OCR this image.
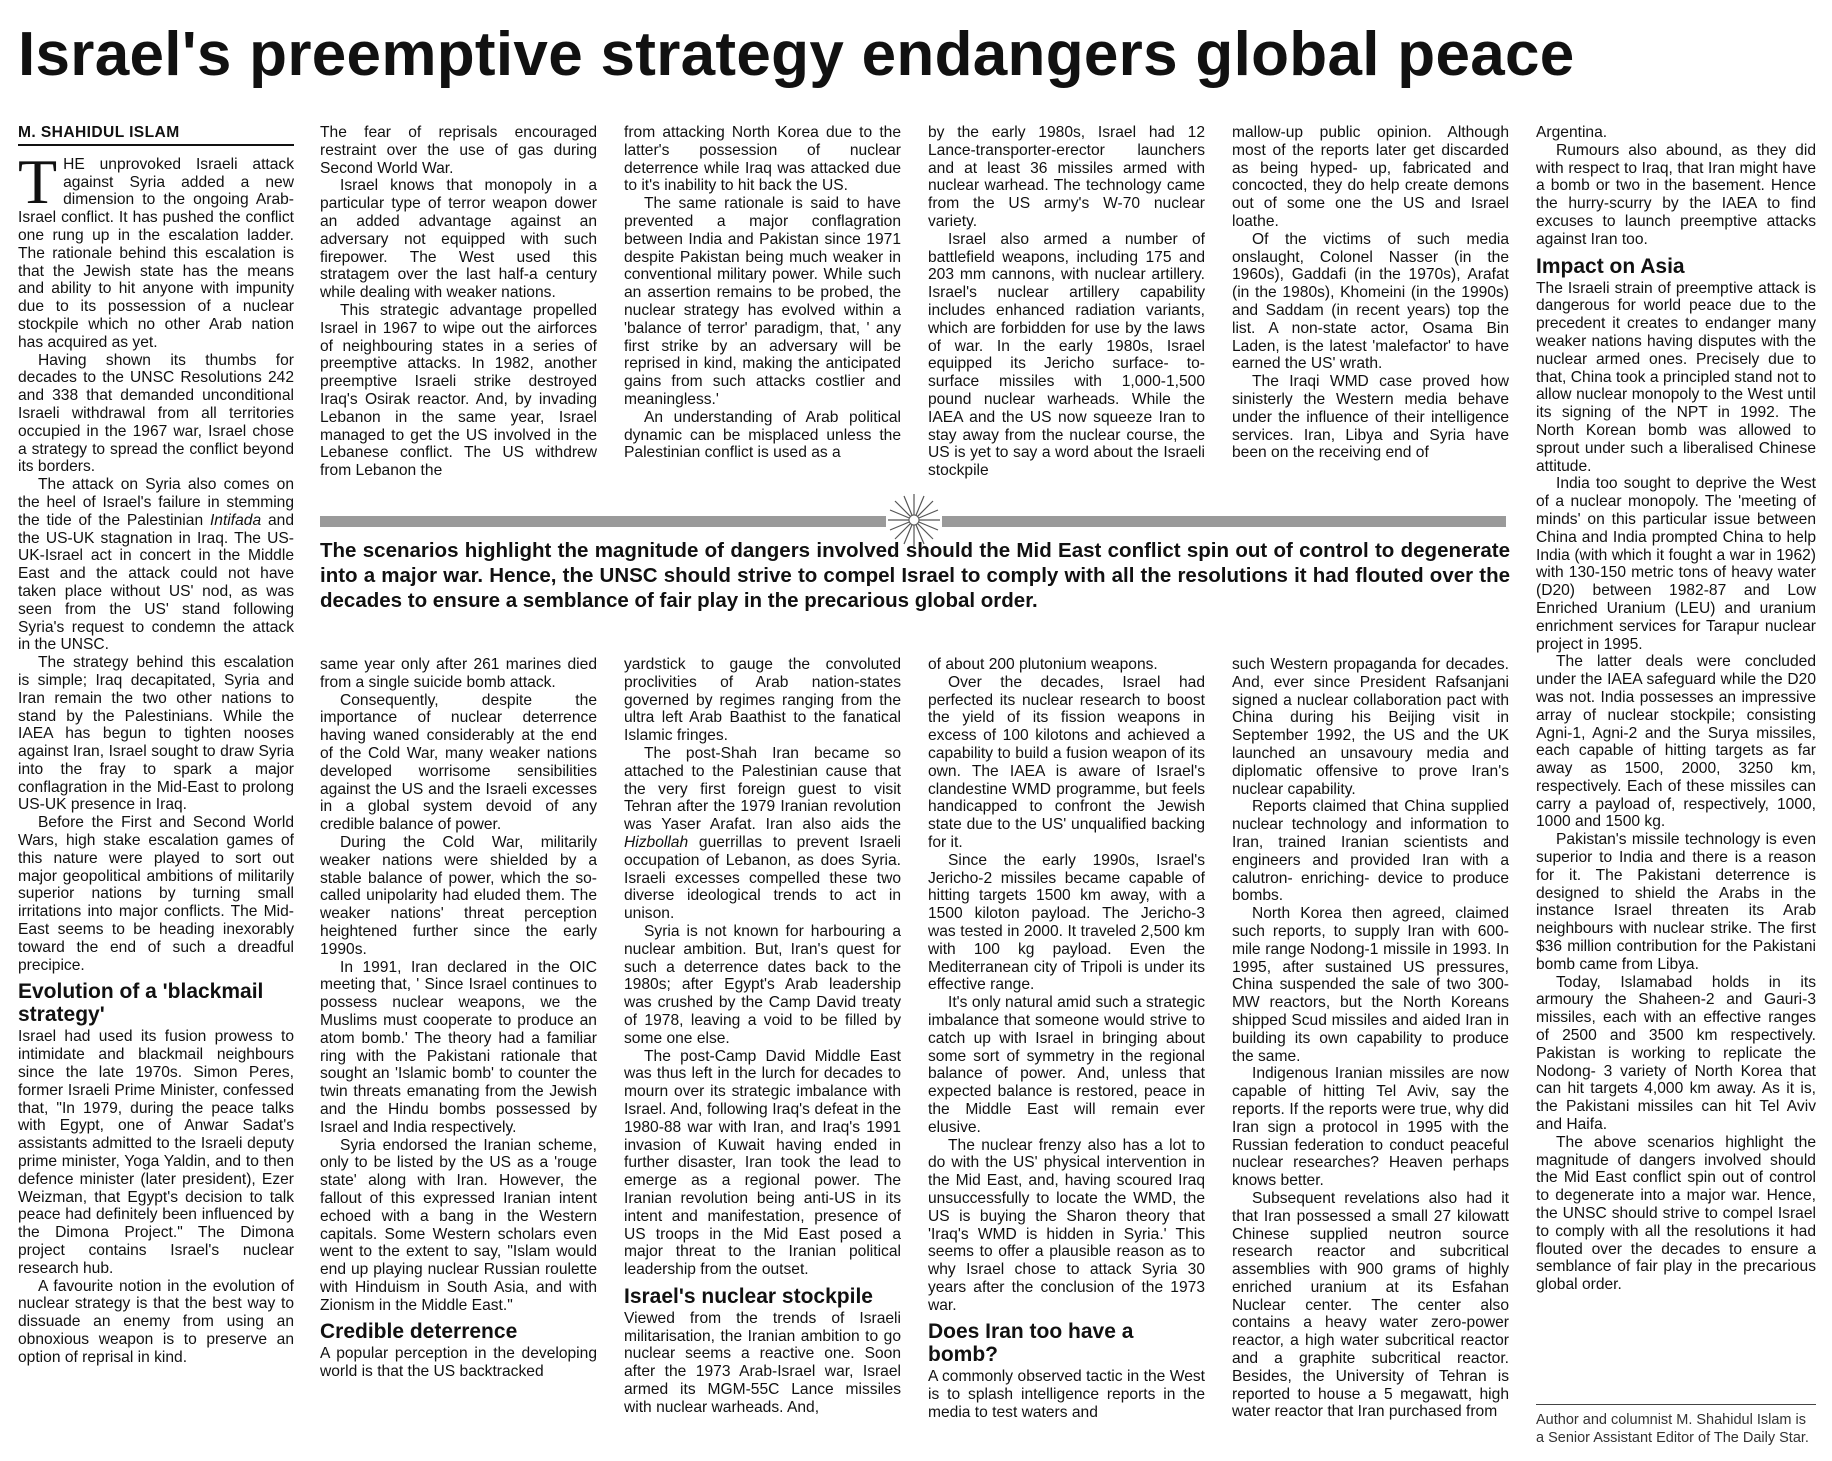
Israel's preemptive strategy endangers global peace
M. SHAHIDUL ISLAM

THE unprovoked Israeli attack against Syria added a new dimension to the ongoing Arab-Israel conflict. It has pushed the conflict one rung up in the escalation ladder. The rationale behind this escalation is that the Jewish state has the means and ability to hit anyone with impunity due to its possession of a nuclear stockpile which no other Arab nation has acquired as yet.

Having shown its thumbs for decades to the UNSC Resolutions 242 and 338 that demanded unconditional Israeli withdrawal from all territories occupied in the 1967 war, Israel chose a strategy to spread the conflict beyond its borders.

The attack on Syria also comes on the heel of Israel's failure in stemming the tide of the Palestinian Intifada and the US-UK stagnation in Iraq. The US-UK-Israel act in concert in the Middle East and the attack could not have taken place without US' nod, as was seen from the US' stand following Syria's request to condemn the attack in the UNSC.

The strategy behind this escalation is simple; Iraq decapitated, Syria and Iran remain the two other nations to stand by the Palestinians. While the IAEA has begun to tighten nooses against Iran, Israel sought to draw Syria into the fray to spark a major conflagration in the Mid-East to prolong US-UK presence in Iraq.

Before the First and Second World Wars, high stake escalation games of this nature were played to sort out major geopolitical ambitions of militarily superior nations by turning small irritations into major conflicts. The Mid-East seems to be heading inexorably toward the end of such a dreadful precipice.

Evolution of a 'blackmail strategy'

Israel had used its fusion prowess to intimidate and blackmail neighbours since the late 1970s. Simon Peres, former Israeli Prime Minister, confessed that, "In 1979, during the peace talks with Egypt, one of Anwar Sadat's assistants admitted to the Israeli deputy prime minister, Yoga Yaldin, and to then defence minister (later president), Ezer Weizman, that Egypt's decision to talk peace had definitely been influenced by the Dimona Project." The Dimona project contains Israel's nuclear research hub.

A favourite notion in the evolution of nuclear strategy is that the best way to dissuade an enemy from using an obnoxious weapon is to preserve an option of reprisal in kind.

The fear of reprisals encouraged restraint over the use of gas during Second World War.

Israel knows that monopoly in a particular type of terror weapon dower an added advantage against an adversary not equipped with such firepower. The West used this stratagem over the last half-a century while dealing with weaker nations.

This strategic advantage propelled Israel in 1967 to wipe out the airforces of neighbouring states in a series of preemptive attacks. In 1982, another preemptive Israeli strike destroyed Iraq's Osirak reactor. And, by invading Lebanon in the same year, Israel managed to get the US involved in the Lebanese conflict. The US withdrew from Lebanon the

from attacking North Korea due to the latter's possession of nuclear deterrence while Iraq was attacked due to it's inability to hit back the US.

The same rationale is said to have prevented a major conflagration between India and Pakistan since 1971 despite Pakistan being much weaker in conventional military power. While such an assertion remains to be probed, the nuclear strategy has evolved within a 'balance of terror' paradigm, that, ' any first strike by an adversary will be reprised in kind, making the anticipated gains from such attacks costlier and meaningless.'

An understanding of Arab political dynamic can be misplaced unless the Palestinian conflict is used as a

by the early 1980s, Israel had 12 Lance-transporter-erector launchers and at least 36 missiles armed with nuclear warhead. The technology came from the US army's W-70 nuclear variety.

Israel also armed a number of battlefield weapons, including 175 and 203 mm cannons, with nuclear artillery. Israel's nuclear artillery capability includes enhanced radiation variants, which are forbidden for use by the laws of war. In the early 1980s, Israel equipped its Jericho surface- to- surface missiles with 1,000-1,500 pound nuclear warheads. While the IAEA and the US now squeeze Iran to stay away from the nuclear course, the US is yet to say a word about the Israeli stockpile

mallow-up public opinion. Although most of the reports later get discarded as being hyped- up, fabricated and concocted, they do help create demons out of some one the US and Israel loathe.

Of the victims of such media onslaught, Colonel Nasser (in the 1960s), Gaddafi (in the 1970s), Arafat (in the 1980s), Khomeini (in the 1990s) and Saddam (in recent years) top the list. A non-state actor, Osama Bin Laden, is the latest 'malefactor' to have earned the US' wrath.

The Iraqi WMD case proved how sinisterly the Western media behave under the influence of their intelligence services. Iran, Libya and Syria have been on the receiving end of

The scenarios highlight the magnitude of dangers involved should the Mid East conflict spin out of control to degenerate into a major war. Hence, the UNSC should strive to compel Israel to comply with all the resolutions it had flouted over the decades to ensure a semblance of fair play in the precarious global order.

same year only after 261 marines died from a single suicide bomb attack.

Consequently, despite the importance of nuclear deterrence having waned considerably at the end of the Cold War, many weaker nations developed worrisome sensibilities against the US and the Israeli excesses in a global system devoid of any credible balance of power.

During the Cold War, militarily weaker nations were shielded by a stable balance of power, which the so-called unipolarity had eluded them. The weaker nations' threat perception heightened further since the early 1990s.

In 1991, Iran declared in the OIC meeting that, ' Since Israel continues to possess nuclear weapons, we the Muslims must cooperate to produce an atom bomb.' The theory had a familiar ring with the Pakistani rationale that sought an 'Islamic bomb' to counter the twin threats emanating from the Jewish and the Hindu bombs possessed by Israel and India respectively.

Syria endorsed the Iranian scheme, only to be listed by the US as a 'rouge state' along with Iran. However, the fallout of this expressed Iranian intent echoed with a bang in the Western capitals. Some Western scholars even went to the extent to say, "Islam would end up playing nuclear Russian roulette with Hinduism in South Asia, and with Zionism in the Middle East."

Credible deterrence

A popular perception in the developing world is that the US backtracked

yardstick to gauge the convoluted proclivities of Arab nation-states governed by regimes ranging from the ultra left Arab Baathist to the fanatical Islamic fringes.

The post-Shah Iran became so attached to the Palestinian cause that the very first foreign guest to visit Tehran after the 1979 Iranian revolution was Yaser Arafat. Iran also aids the Hizbollah guerrillas to prevent Israeli occupation of Lebanon, as does Syria. Israeli excesses compelled these two diverse ideological trends to act in unison.

Syria is not known for harbouring a nuclear ambition. But, Iran's quest for such a deterrence dates back to the 1980s; after Egypt's Arab leadership was crushed by the Camp David treaty of 1978, leaving a void to be filled by some one else.

The post-Camp David Middle East was thus left in the lurch for decades to mourn over its strategic imbalance with Israel. And, following Iraq's defeat in the 1980-88 war with Iran, and Iraq's 1991 invasion of Kuwait having ended in further disaster, Iran took the lead to emerge as a regional power. The Iranian revolution being anti-US in its intent and manifestation, presence of US troops in the Mid East posed a major threat to the Iranian political leadership from the outset.

Israel's nuclear stockpile

Viewed from the trends of Israeli militarisation, the Iranian ambition to go nuclear seems a reactive one. Soon after the 1973 Arab-Israel war, Israel armed its MGM-55C Lance missiles with nuclear warheads. And,

of about 200 plutonium weapons.

Over the decades, Israel had perfected its nuclear research to boost the yield of its fission weapons in excess of 100 kilotons and achieved a capability to build a fusion weapon of its own. The IAEA is aware of Israel's clandestine WMD programme, but feels handicapped to confront the Jewish state due to the US' unqualified backing for it.

Since the early 1990s, Israel's Jericho-2 missiles became capable of hitting targets 1500 km away, with a 1500 kiloton payload. The Jericho-3 was tested in 2000. It traveled 2,500 km with 100 kg payload. Even the Mediterranean city of Tripoli is under its effective range.

It's only natural amid such a strategic imbalance that someone would strive to catch up with Israel in bringing about some sort of symmetry in the regional balance of power. And, unless that expected balance is restored, peace in the Middle East will remain ever elusive.

The nuclear frenzy also has a lot to do with the US' physical intervention in the Mid East, and, having scoured Iraq unsuccessfully to locate the WMD, the US is buying the Sharon theory that 'Iraq's WMD is hidden in Syria.' This seems to offer a plausible reason as to why Israel chose to attack Syria 30 years after the conclusion of the 1973 war.

Does Iran too have a bomb?

A commonly observed tactic in the West is to splash intelligence reports in the media to test waters and

such Western propaganda for decades. And, ever since President Rafsanjani signed a nuclear collaboration pact with China during his Beijing visit in September 1992, the US and the UK launched an unsavoury media and diplomatic offensive to prove Iran's nuclear capability.

Reports claimed that China supplied nuclear technology and information to Iran, trained Iranian scientists and engineers and provided Iran with a calutron- enriching- device to produce bombs.

North Korea then agreed, claimed such reports, to supply Iran with 600-mile range Nodong-1 missile in 1993. In 1995, after sustained US pressures, China suspended the sale of two 300-MW reactors, but the North Koreans shipped Scud missiles and aided Iran in building its own capability to produce the same.

Indigenous Iranian missiles are now capable of hitting Tel Aviv, say the reports. If the reports were true, why did Iran sign a protocol in 1995 with the Russian federation to conduct peaceful nuclear researches? Heaven perhaps knows better.

Subsequent revelations also had it that Iran possessed a small 27 kilowatt Chinese supplied neutron source research reactor and subcritical assemblies with 900 grams of highly enriched uranium at its Esfahan Nuclear center. The center also contains a heavy water zero-power reactor, a high water subcritical reactor and a graphite subcritical reactor. Besides, the University of Tehran is reported to house a 5 megawatt, high water reactor that Iran purchased from

Argentina.

Rumours also abound, as they did with respect to Iraq, that Iran might have a bomb or two in the basement. Hence the hurry-scurry by the IAEA to find excuses to launch preemptive attacks against Iran too.

Impact on Asia

The Israeli strain of preemptive attack is dangerous for world peace due to the precedent it creates to endanger many weaker nations having disputes with the nuclear armed ones. Precisely due to that, China took a principled stand not to allow nuclear monopoly to the West until its signing of the NPT in 1992. The North Korean bomb was allowed to sprout under such a liberalised Chinese attitude.

India too sought to deprive the West of a nuclear monopoly. The 'meeting of minds' on this particular issue between China and India prompted China to help India (with which it fought a war in 1962) with 130-150 metric tons of heavy water (D20) between 1982-87 and Low Enriched Uranium (LEU) and uranium enrichment services for Tarapur nuclear project in 1995.

The latter deals were concluded under the IAEA safeguard while the D20 was not. India possesses an impressive array of nuclear stockpile; consisting Agni-1, Agni-2 and the Surya missiles, each capable of hitting targets as far away as 1500, 2000, 3250 km, respectively. Each of these missiles can carry a payload of, respectively, 1000, 1000 and 1500 kg.

Pakistan's missile technology is even superior to India and there is a reason for it. The Pakistani deterrence is designed to shield the Arabs in the instance Israel threaten its Arab neighbours with nuclear strike. The first $36 million contribution for the Pakistani bomb came from Libya.

Today, Islamabad holds in its armoury the Shaheen-2 and Gauri-3 missiles, each with an effective ranges of 2500 and 3500 km respectively. Pakistan is working to replicate the Nodong- 3 variety of North Korea that can hit targets 4,000 km away. As it is, the Pakistani missiles can hit Tel Aviv and Haifa.

The above scenarios highlight the magnitude of dangers involved should the Mid East conflict spin out of control to degenerate into a major war. Hence, the UNSC should strive to compel Israel to comply with all the resolutions it had flouted over the decades to ensure a semblance of fair play in the precarious global order.

Author and columnist M. Shahidul Islam is a Senior Assistant Editor of The Daily Star.
